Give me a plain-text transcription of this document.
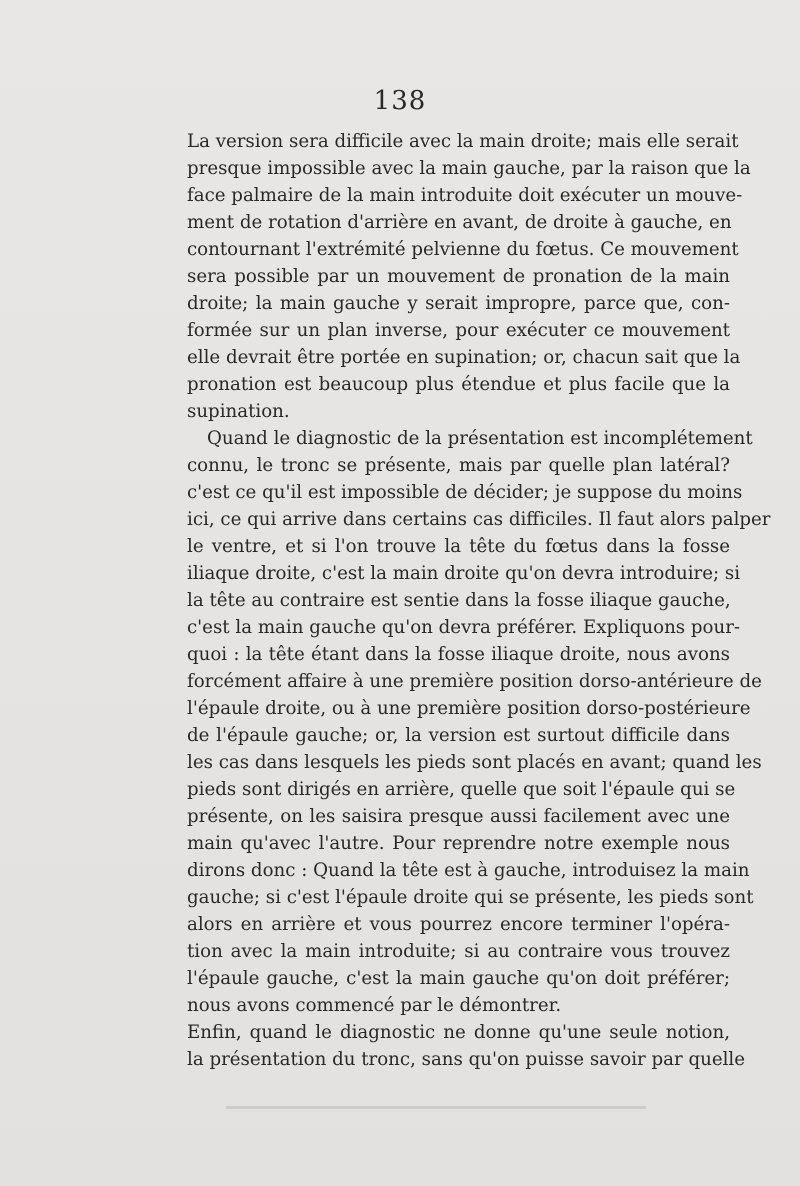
138
La version sera difficile avec la main droite; mais elle serait
presque impossible avec la main gauche, par la raison que la
face palmaire de la main introduite doit exécuter un mouve-
ment de rotation d'arrière en avant, de droite à gauche, en
contournant l'extrémité pelvienne du fœtus. Ce mouvement
sera possible par un mouvement de pronation de la main
droite; la main gauche y serait impropre, parce que, con-
formée sur un plan inverse, pour exécuter ce mouvement
elle devrait être portée en supination; or, chacun sait que la
pronation est beaucoup plus étendue et plus facile que la
supination.
Quand le diagnostic de la présentation est incomplétement
connu, le tronc se présente, mais par quelle plan latéral?
c'est ce qu'il est impossible de décider; je suppose du moins
ici, ce qui arrive dans certains cas difficiles. Il faut alors palper
le ventre, et si l'on trouve la tête du fœtus dans la fosse
iliaque droite, c'est la main droite qu'on devra introduire; si
la tête au contraire est sentie dans la fosse iliaque gauche,
c'est la main gauche qu'on devra préférer. Expliquons pour-
quoi : la tête étant dans la fosse iliaque droite, nous avons
forcément affaire à une première position dorso-antérieure de
l'épaule droite, ou à une première position dorso-postérieure
de l'épaule gauche; or, la version est surtout difficile dans
les cas dans lesquels les pieds sont placés en avant; quand les
pieds sont dirigés en arrière, quelle que soit l'épaule qui se
présente, on les saisira presque aussi facilement avec une
main qu'avec l'autre. Pour reprendre notre exemple nous
dirons donc : Quand la tête est à gauche, introduisez la main
gauche; si c'est l'épaule droite qui se présente, les pieds sont
alors en arrière et vous pourrez encore terminer l'opéra-
tion avec la main introduite; si au contraire vous trouvez
l'épaule gauche, c'est la main gauche qu'on doit préférer;
nous avons commencé par le démontrer.
Enfin, quand le diagnostic ne donne qu'une seule notion,
la présentation du tronc, sans qu'on puisse savoir par quelle
